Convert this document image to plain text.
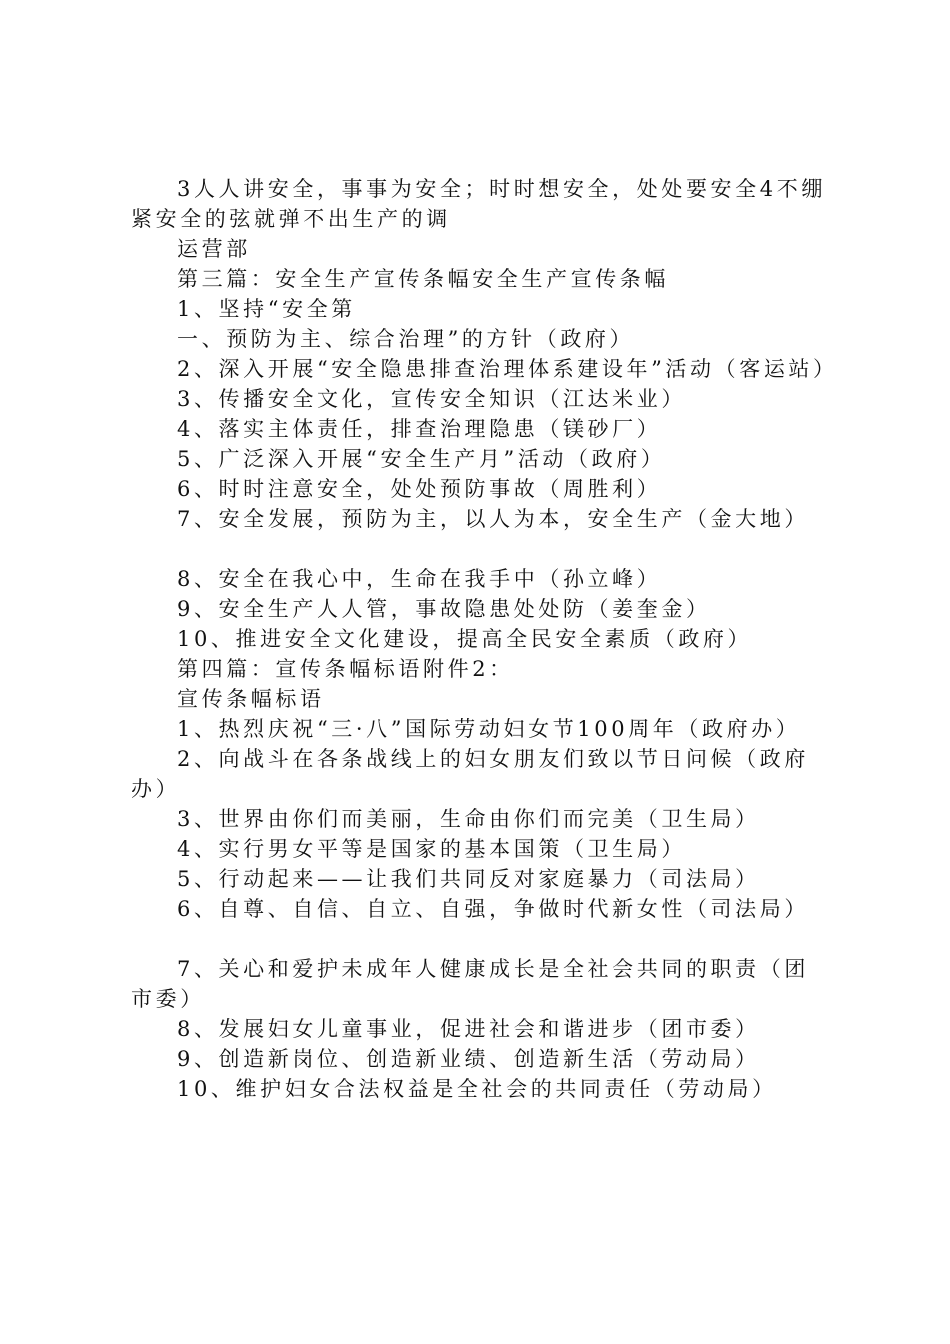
3人人讲安全，事事为安全；时时想安全，处处要安全4不绷紧安全的弦就弹不出生产的调

运营部

第三篇：安全生产宣传条幅安全生产宣传条幅

1、坚持“安全第

一、预防为主、综合治理”的方针（政府）

2、深入开展“安全隐患排查治理体系建设年”活动（客运站）

3、传播安全文化，宣传安全知识（江达米业）

4、落实主体责任，排查治理隐患（镁砂厂）

5、广泛深入开展“安全生产月”活动（政府）

6、时时注意安全，处处预防事故（周胜利）

7、安全发展，预防为主，以人为本，安全生产（金大地）

8、安全在我心中，生命在我手中（孙立峰）

9、安全生产人人管，事故隐患处处防（姜奎金）

10、推进安全文化建设，提高全民安全素质（政府）

第四篇：宣传条幅标语附件2：

宣传条幅标语

1、热烈庆祝“三·八”国际劳动妇女节100周年（政府办）

2、向战斗在各条战线上的妇女朋友们致以节日问候（政府办）

3、世界由你们而美丽，生命由你们而完美（卫生局）

4、实行男女平等是国家的基本国策（卫生局）

5、行动起来——让我们共同反对家庭暴力（司法局）

6、自尊、自信、自立、自强，争做时代新女性（司法局）

7、关心和爱护未成年人健康成长是全社会共同的职责（团市委）

8、发展妇女儿童事业，促进社会和谐进步（团市委）

9、创造新岗位、创造新业绩、创造新生活（劳动局）

10、维护妇女合法权益是全社会的共同责任（劳动局）
